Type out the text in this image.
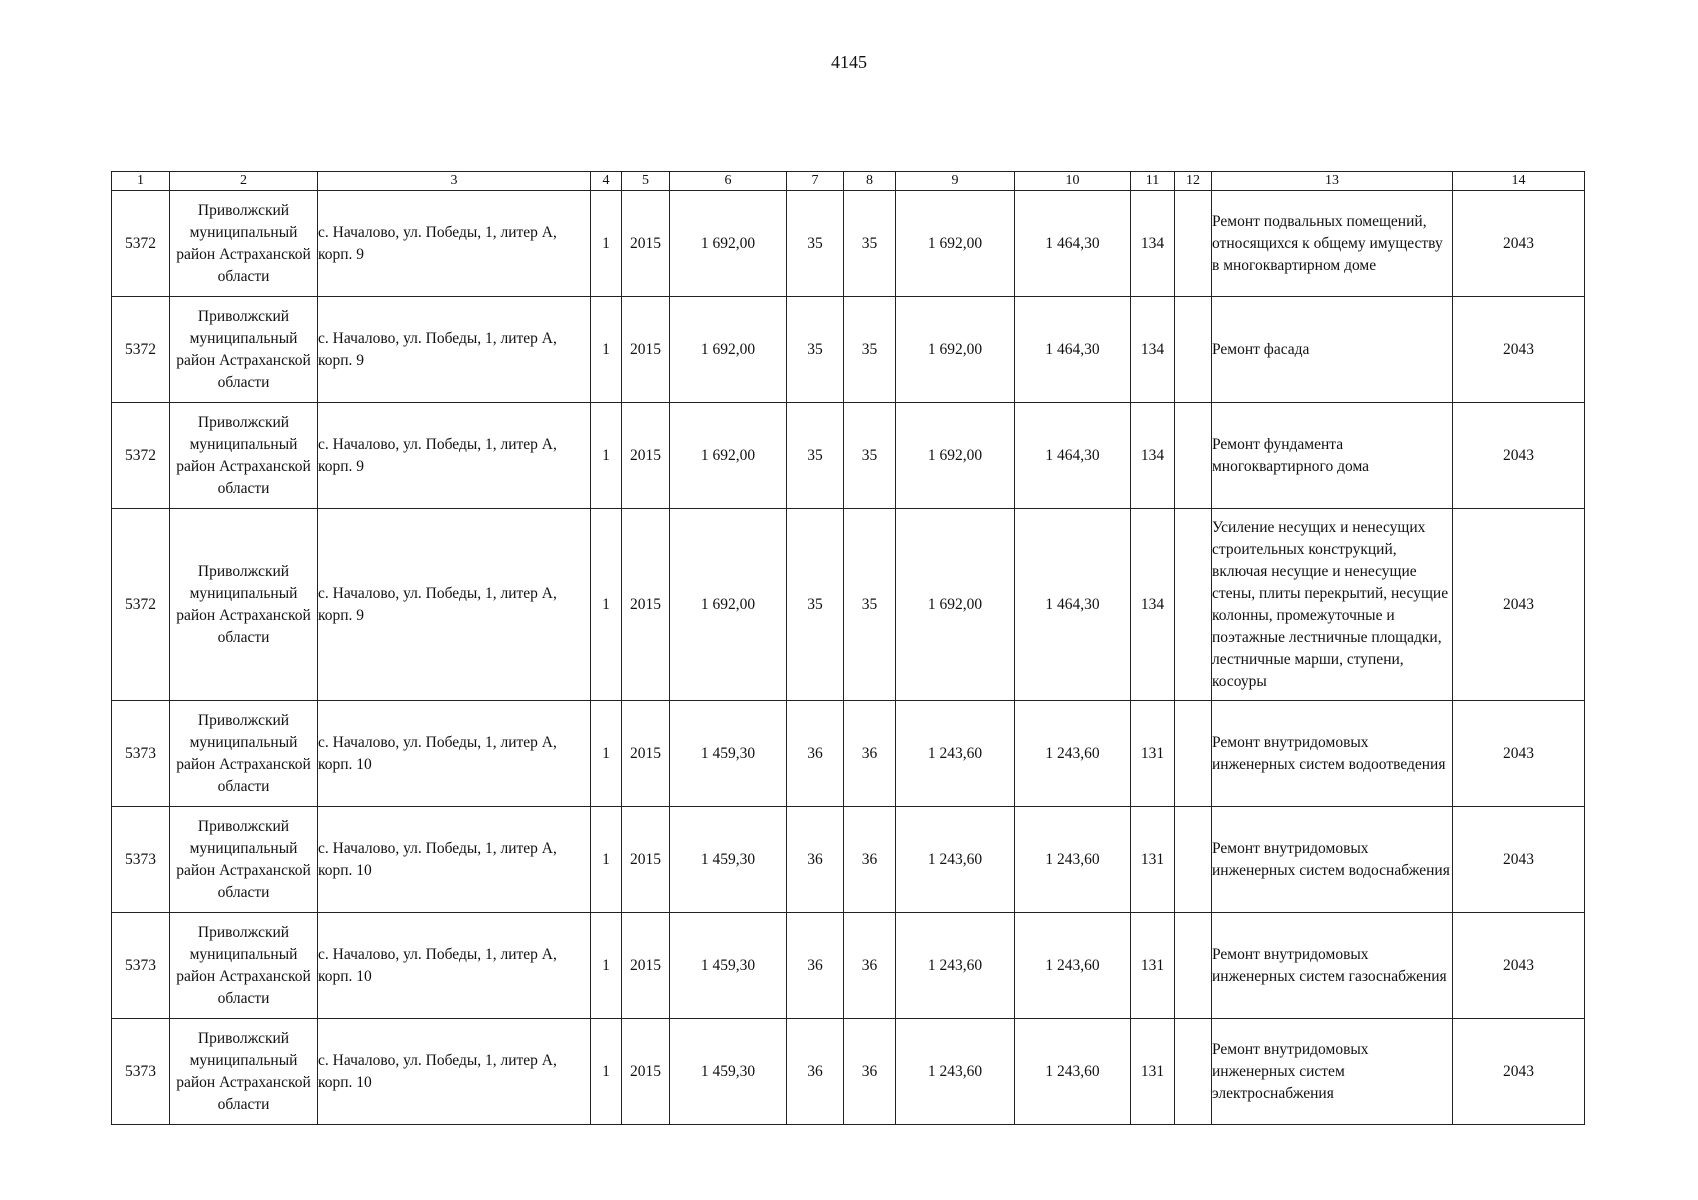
4145
1	2	3	4	5	6	7	8	9	10	11	12	13	14
5372	Приволжский муниципальный район Астраханской области	с. Началово, ул. Победы, 1, литер А, корп. 9	1	2015	1 692,00	35	35	1 692,00	1 464,30	134		Ремонт подвальных помещений, относящихся к общему имуществу в многоквартирном доме	2043
5372	Приволжский муниципальный район Астраханской области	с. Началово, ул. Победы, 1, литер А, корп. 9	1	2015	1 692,00	35	35	1 692,00	1 464,30	134		Ремонт фасада	2043
5372	Приволжский муниципальный район Астраханской области	с. Началово, ул. Победы, 1, литер А, корп. 9	1	2015	1 692,00	35	35	1 692,00	1 464,30	134		Ремонт фундамента многоквартирного дома	2043
5372	Приволжский муниципальный район Астраханской области	с. Началово, ул. Победы, 1, литер А, корп. 9	1	2015	1 692,00	35	35	1 692,00	1 464,30	134		Усиление несущих и ненесущих строительных конструкций, включая несущие и ненесущие стены, плиты перекрытий, несущие колонны, промежуточные и поэтажные лестничные площадки, лестничные марши, ступени, косоуры	2043
5373	Приволжский муниципальный район Астраханской области	с. Началово, ул. Победы, 1, литер А, корп. 10	1	2015	1 459,30	36	36	1 243,60	1 243,60	131		Ремонт внутридомовых инженерных систем водоотведения	2043
5373	Приволжский муниципальный район Астраханской области	с. Началово, ул. Победы, 1, литер А, корп. 10	1	2015	1 459,30	36	36	1 243,60	1 243,60	131		Ремонт внутридомовых инженерных систем водоснабжения	2043
5373	Приволжский муниципальный район Астраханской области	с. Началово, ул. Победы, 1, литер А, корп. 10	1	2015	1 459,30	36	36	1 243,60	1 243,60	131		Ремонт внутридомовых инженерных систем газоснабжения	2043
5373	Приволжский муниципальный район Астраханской области	с. Началово, ул. Победы, 1, литер А, корп. 10	1	2015	1 459,30	36	36	1 243,60	1 243,60	131		Ремонт внутридомовых инженерных систем электроснабжения	2043
